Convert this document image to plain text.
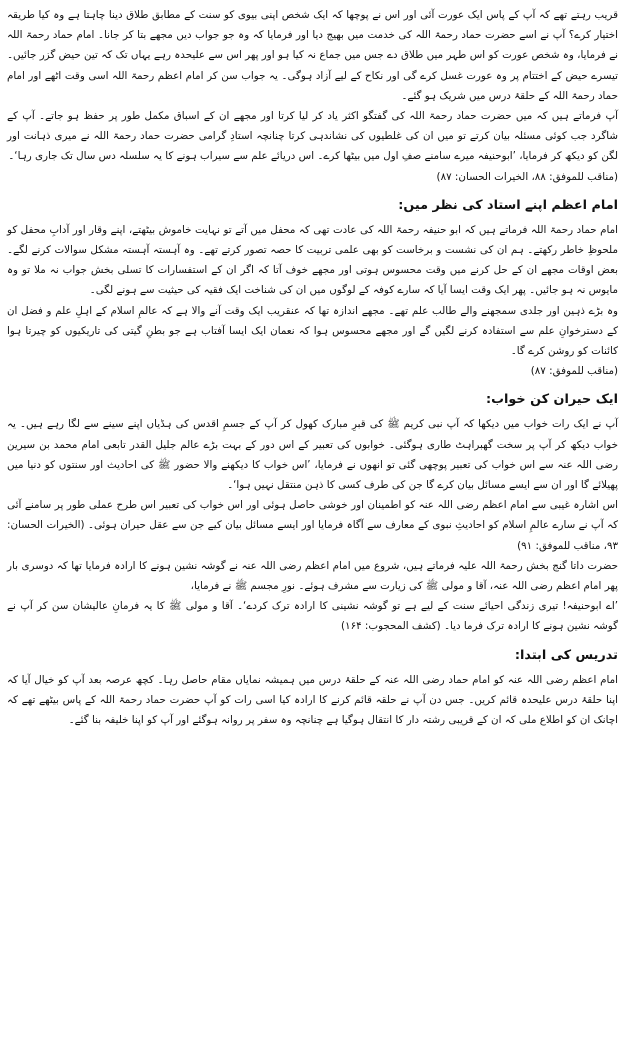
قریب رہتے تھے کہ آپ کے پاس ایک عورت آئی اور اس نے پوچھا کہ ایک شخص اپنی بیوی کو سنت کے مطابق طلاق دینا چاہتا ہے وہ کیا طریقہ اختیار کرے؟ آپ نے اسے حضرت حماد رحمۃ اللہ کی خدمت میں بھیج دیا اور فرمایا کہ وہ جو جواب دیں مجھے بتا کر جانا۔ امام حماد رحمۃ اللہ نے فرمایا، وہ شخص عورت کو اس طہر میں طلاق دے جس میں جماع نہ کیا ہو اور پھر اس سے علیحدہ رہے یہاں تک کہ تین حیض گزر جائیں۔ تیسرے حیض کے اختتام پر وہ عورت غسل کرے گی اور نکاح کے لیے آزاد ہوگی۔ یہ جواب سن کر امام اعظم رحمۃ اللہ اسی وقت اٹھے اور امام حماد رحمۃ اللہ کے حلقۂ درس میں شریک ہو گئے۔

آپ فرماتے ہیں کہ میں حضرت حماد رحمۃ اللہ کی گفتگو اکثر یاد کر لیا کرتا اور مجھے ان کے اسباق مکمل طور پر حفظ ہو جاتے۔ آپ کے شاگرد جب کوئی مسئلہ بیان کرتے تو میں ان کی غلطیوں کی نشاندہی کرتا چنانچہ استادِ گرامی حضرت حماد رحمۃ اللہ نے میری ذہانت اور لگن کو دیکھ کر فرمایا، ’ابوحنیفہ میرے سامنے صفِ اول میں بیٹھا کرے۔ اس دریائے علم سے سیراب ہونے کا یہ سلسلہ دس سال تک جاری رہا‘۔

(مناقب للموفق: ۸۸، الخیرات الحسان: ۸۷)

امام اعظم اپنے استاد کی نظر میں:

امام حماد رحمۃ اللہ فرماتے ہیں کہ ابو حنیفہ رحمۃ اللہ کی عادت تھی کہ محفل میں آتے تو نہایت خاموش بیٹھتے، اپنے وقار اور آدابِ محفل کو ملحوظِ خاطر رکھتے۔ ہم ان کی نشست و برخاست کو بھی علمی تربیت کا حصہ تصور کرتے تھے۔ وہ آہستہ آہستہ مشکل سوالات کرنے لگے۔ بعض اوقات مجھے ان کے حل کرنے میں وقت محسوس ہوتی اور مجھے خوف آتا کہ اگر ان کے استفسارات کا تسلی بخش جواب نہ ملا تو وہ مایوس نہ ہو جائیں۔ پھر ایک وقت ایسا آیا کہ سارے کوفہ کے لوگوں میں ان کی شناخت ایک فقیہ کی حیثیت سے ہونے لگی۔

وہ بڑے ذہین اور جلدی سمجھنے والے طالب علم تھے۔ مجھے اندازہ تھا کہ عنقریب ایک وقت آنے والا ہے کہ عالمِ اسلام کے اہلِ علم و فضل ان کے دسترخوانِ علم سے استفادہ کرنے لگیں گے اور مجھے محسوس ہوا کہ نعمان ایک ایسا آفتاب ہے جو بطنِ گیتی کی تاریکیوں کو چیرتا ہوا کائنات کو روشن کرے گا۔

(مناقب للموفق: ۸۷)

ایک حیران کن خواب:

آپ نے ایک رات خواب میں دیکھا کہ آپ نبی کریم ﷺ کی قبرِ مبارک کھول کر آپ کے جسمِ اقدس کی ہڈیاں اپنے سینے سے لگا رہے ہیں۔ یہ خواب دیکھ کر آپ پر سخت گھبراہٹ طاری ہوگئی۔ خوابوں کی تعبیر کے اس دور کے بہت بڑے عالم جلیل القدر تابعی امام محمد بن سیرین رضی اللہ عنہ سے اس خواب کی تعبیر پوچھی گئی تو انھوں نے فرمایا، ’اس خواب کا دیکھنے والا حضور ﷺ کی احادیث اور سنتوں کو دنیا میں پھیلائے گا اور ان سے ایسے مسائل بیان کرے گا جن کی طرف کسی کا ذہن منتقل نہیں ہوا‘۔

اس اشارہ غیبی سے امام اعظم رضی اللہ عنہ کو اطمینان اور خوشی حاصل ہوئی اور اس خواب کی تعبیر اس طرح عملی طور پر سامنے آئی کہ آپ نے سارے عالمِ اسلام کو احادیثِ نبوی کے معارف سے آگاہ فرمایا اور ایسے مسائل بیان کیے جن سے عقل حیران ہوئی۔ (الخیرات الحسان: ۹۳، مناقب للموفق: ۹۱)

حضرت داتا گنج بخش رحمۃ اللہ علیہ فرماتے ہیں، شروع میں امام اعظم رضی اللہ عنہ نے گوشہ نشین ہونے کا ارادہ فرمایا تھا کہ دوسری بار پھر امام اعظم رضی اللہ عنہ، آقا و مولی ﷺ کی زیارت سے مشرف ہوئے۔ نورِ مجسم ﷺ نے فرمایا،

’اے ابوحنیفہ! تیری زندگی احیائے سنت کے لیے ہے تو گوشہ نشینی کا ارادہ ترک کردے‘۔ آقا و مولی ﷺ کا یہ فرمانِ عالیشان سن کر آپ نے گوشہ نشین ہونے کا ارادہ ترک فرما دیا۔ (کشف المحجوب: ۱۶۴)

تدریس کی ابتدا:

امام اعظم رضی اللہ عنہ کو امام حماد رضی اللہ عنہ کے حلقۂ درس میں ہمیشہ نمایاں مقام حاصل رہا۔ کچھ عرصہ بعد آپ کو خیال آیا کہ اپنا حلقۂ درس علیحدہ قائم کریں۔ جس دن آپ نے حلقہ قائم کرنے کا ارادہ کیا اسی رات کو آپ حضرت حماد رحمۃ اللہ کے پاس بیٹھے تھے کہ اچانک ان کو اطلاع ملی کہ ان کے قریبی رشتہ دار کا انتقال ہوگیا ہے چنانچہ وہ سفر پر روانہ ہوگئے اور آپ کو اپنا خلیفہ بنا گئے۔
